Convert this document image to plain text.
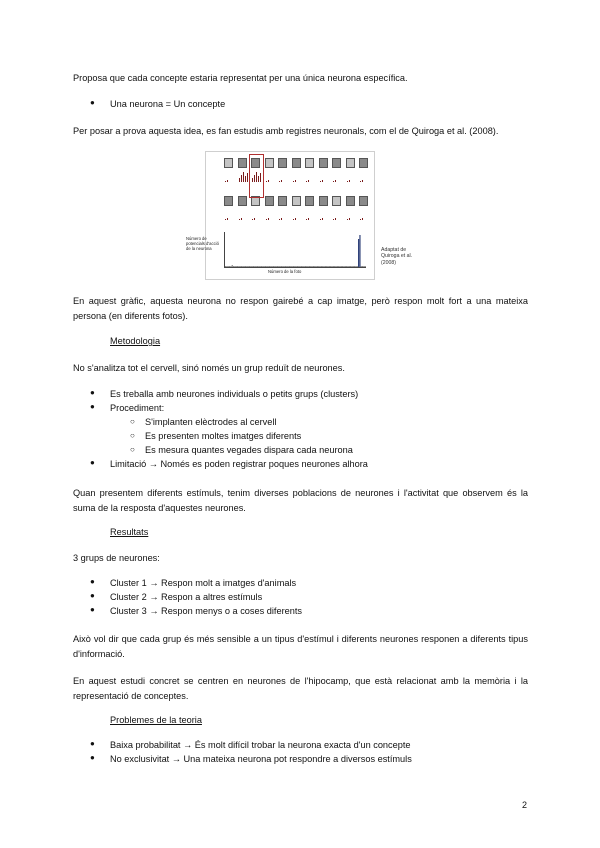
Proposa que cada concepte estaria representat per una única neurona específica.
● Una neurona = Un concepte
Per posar a prova aquesta idea, es fan estudis amb registres neuronals, com el de Quiroga et al. (2008).
Número de potencials d'acció de la neurona
Número de la foto
Adaptat de Quiroga et al. (2008)
En aquest gràfic, aquesta neurona no respon gairebé a cap imatge, però respon molt fort a una mateixa persona (en diferents fotos).
Metodologia
No s'analitza tot el cervell, sinó només un grup reduït de neurones.
● Es treballa amb neurones individuals o petits grups (clusters)
● Procediment:
○ S'implanten elèctrodes al cervell
○ Es presenten moltes imatges diferents
○ Es mesura quantes vegades dispara cada neurona
● Limitació → Només es poden registrar poques neurones alhora
Quan presentem diferents estímuls, tenim diverses poblacions de neurones i l'activitat que observem és la suma de la resposta d'aquestes neurones.
Resultats
3 grups de neurones:
● Cluster 1 → Respon molt a imatges d'animals
● Cluster 2 → Respon a altres estímuls
● Cluster 3 → Respon menys o a coses diferents
Això vol dir que cada grup és més sensible a un tipus d'estímul i diferents neurones responen a diferents tipus d'informació.
En aquest estudi concret se centren en neurones de l'hipocamp, que està relacionat amb la memòria i la representació de conceptes.
Problemes de la teoria
● Baixa probabilitat → És molt difícil trobar la neurona exacta d'un concepte
● No exclusivitat → Una mateixa neurona pot respondre a diversos estímuls
2
